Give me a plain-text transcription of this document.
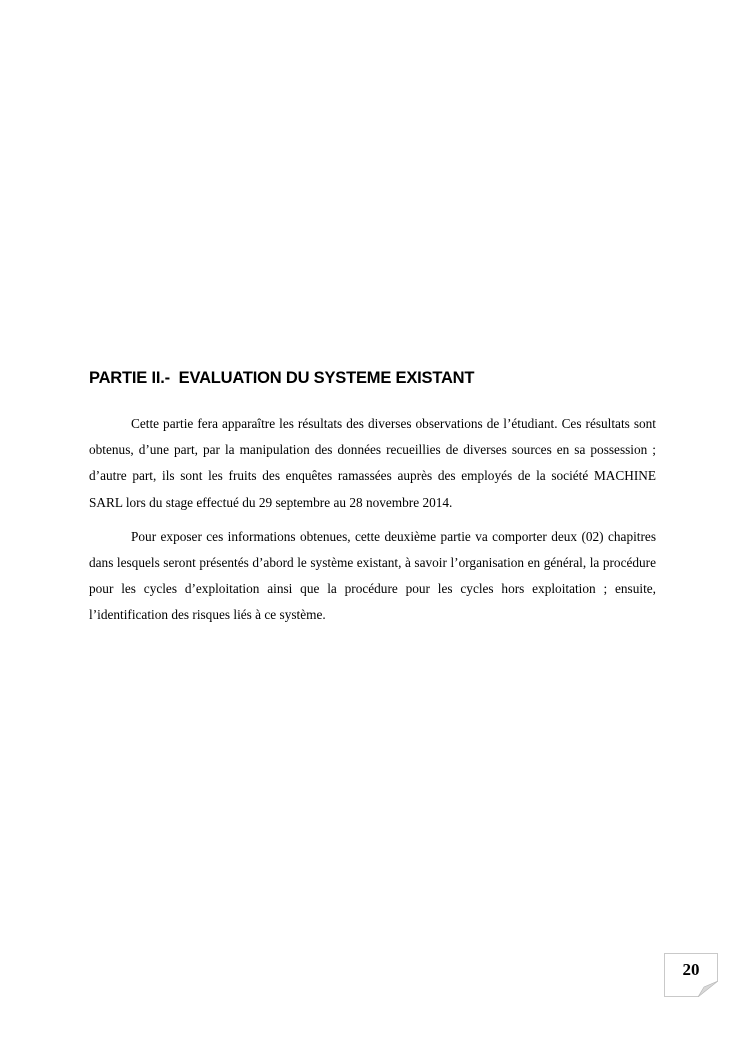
PARTIE II.-  EVALUATION DU SYSTEME EXISTANT

Cette partie fera apparaître les résultats des diverses observations de l’étudiant. Ces résultats sont obtenus, d’une part, par la manipulation des données recueillies de diverses sources en sa possession ; d’autre part, ils sont les fruits des enquêtes ramassées auprès des employés de la société MACHINE SARL lors du stage effectué du 29 septembre au 28 novembre 2014.

Pour exposer ces informations obtenues, cette deuxième partie va comporter deux (02) chapitres dans lesquels seront présentés d’abord le système existant, à savoir l’organisation en général, la procédure pour les cycles d’exploitation ainsi que la procédure pour les cycles hors exploitation ; ensuite, l’identification des risques liés à ce système.

20
